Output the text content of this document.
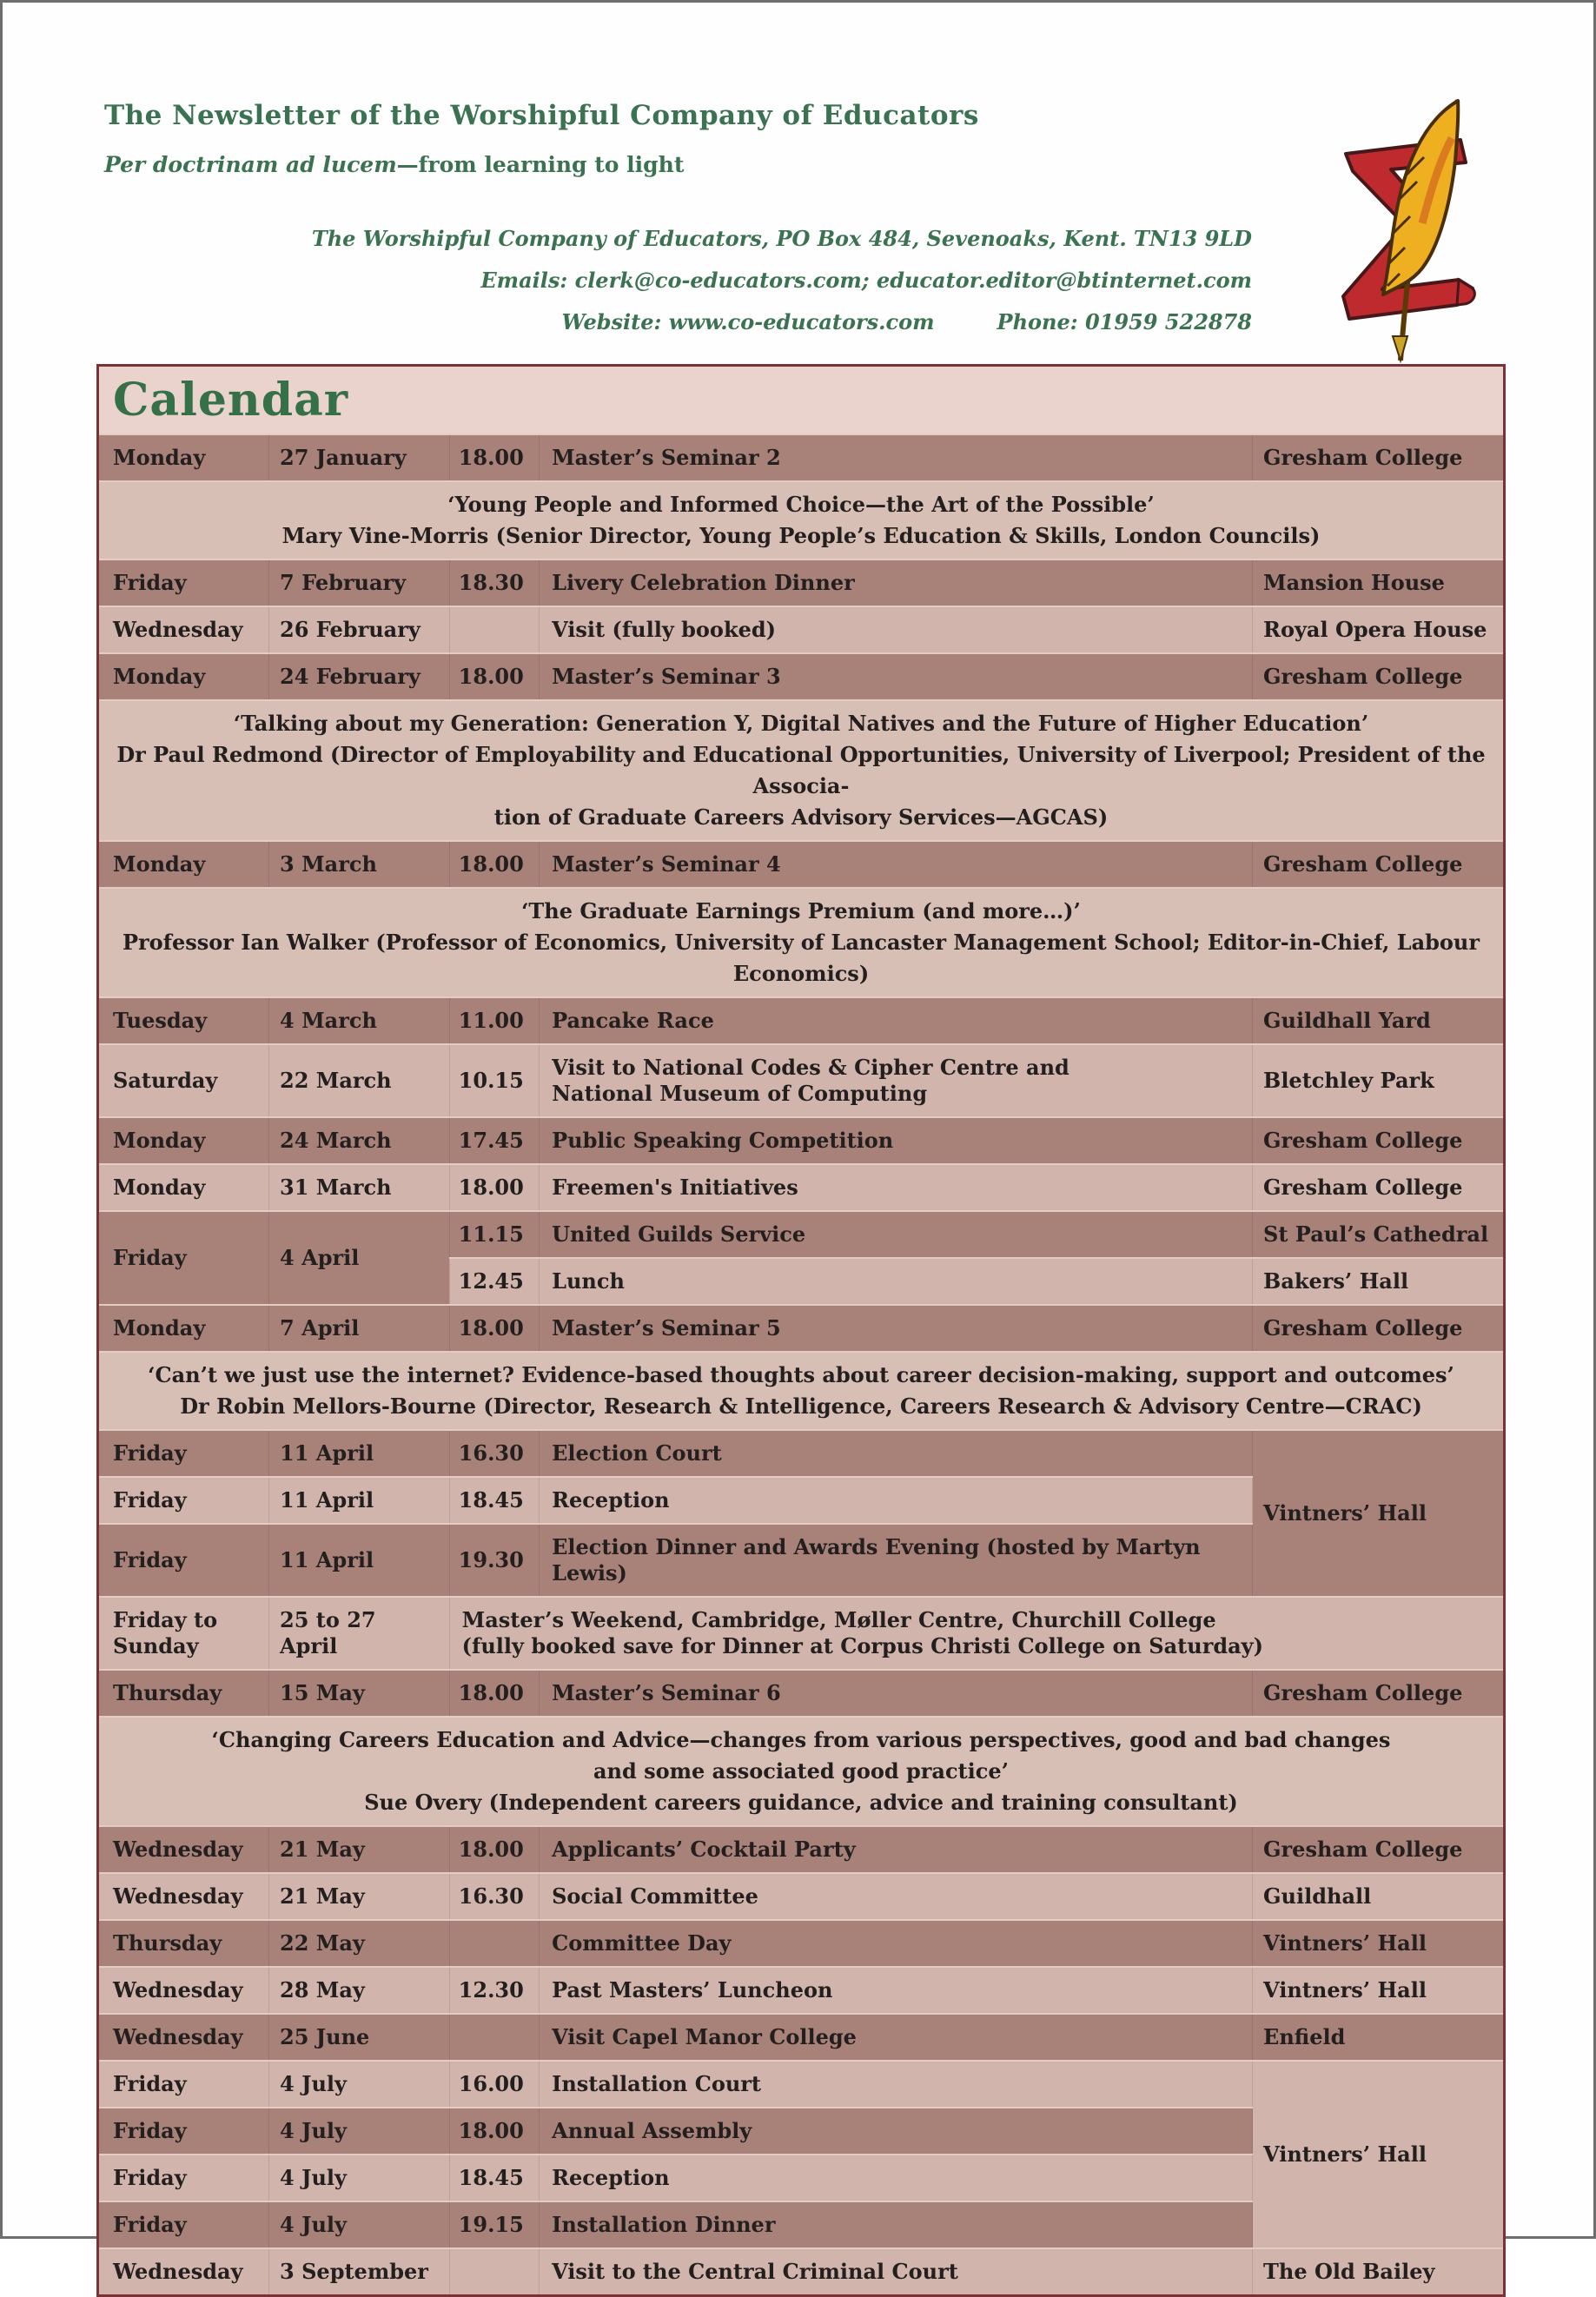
The Newsletter of the Worshipful Company of Educators
Per doctrinam ad lucem—from learning to light
The Worshipful Company of Educators, PO Box 484, Sevenoaks, Kent. TN13 9LD
Emails: clerk@co-educators.com; educator.editor@btinternet.com
Website: www.co-educators.com	Phone: 01959 522878
Calendar
Monday	27 January	18.00	Master’s Seminar 2	Gresham College
‘Young People and Informed Choice—the Art of the Possible’
Mary Vine-Morris (Senior Director, Young People’s Education & Skills, London Councils)				
Friday	7 February	18.30	Livery Celebration Dinner	Mansion House
Wednesday	26 February		Visit (fully booked)	Royal Opera House
Monday	24 February	18.00	Master’s Seminar 3	Gresham College
‘Talking about my Generation: Generation Y, Digital Natives and the Future of Higher Education’
Dr Paul Redmond (Director of Employability and Educational Opportunities, University of Liverpool; President of the Associa-
tion of Graduate Careers Advisory Services—AGCAS)				
Monday	3 March	18.00	Master’s Seminar 4	Gresham College
‘The Graduate Earnings Premium (and more…)’
Professor Ian Walker (Professor of Economics, University of Lancaster Management School; Editor-in-Chief, Labour Economics)				
Tuesday	4 March	11.00	Pancake Race	Guildhall Yard
Saturday	22 March	10.15	Visit to National Codes & Cipher Centre and
National Museum of Computing	Bletchley Park
Monday	24 March	17.45	Public Speaking Competition	Gresham College
Monday	31 March	18.00	Freemen's Initiatives	Gresham College
Friday	4 April	11.15	United Guilds Service	St Paul’s Cathedral
		12.45	Lunch	Bakers’ Hall
Monday	7 April	18.00	Master’s Seminar 5	Gresham College
‘Can’t we just use the internet? Evidence-based thoughts about career decision-making, support and outcomes’
Dr Robin Mellors-Bourne (Director, Research & Intelligence, Careers Research & Advisory Centre—CRAC)				
Friday	11 April	16.30	Election Court	Vintners’ Hall
Friday	11 April	18.45	Reception	
Friday	11 April	19.30	Election Dinner and Awards Evening (hosted by Martyn Lewis)	
Friday to
Sunday	25 to 27 April	Master’s Weekend, Cambridge, Møller Centre, Churchill College
(fully booked save for Dinner at Corpus Christi College on Saturday)		
Thursday	15 May	18.00	Master’s Seminar 6	Gresham College
‘Changing Careers Education and Advice—changes from various perspectives, good and bad changes
and some associated good practice’
Sue Overy (Independent careers guidance, advice and training consultant)				
Wednesday	21 May	18.00	Applicants’ Cocktail Party	Gresham College
Wednesday	21 May	16.30	Social Committee	Guildhall
Thursday	22 May		Committee Day	Vintners’ Hall
Wednesday	28 May	12.30	Past Masters’ Luncheon	Vintners’ Hall
Wednesday	25 June		Visit Capel Manor College	Enfield
Friday	4 July	16.00	Installation Court	Vintners’ Hall
Friday	4 July	18.00	Annual Assembly	
Friday	4 July	18.45	Reception	
Friday	4 July	19.15	Installation Dinner	
Wednesday	3 September		Visit to the Central Criminal Court	The Old Bailey
